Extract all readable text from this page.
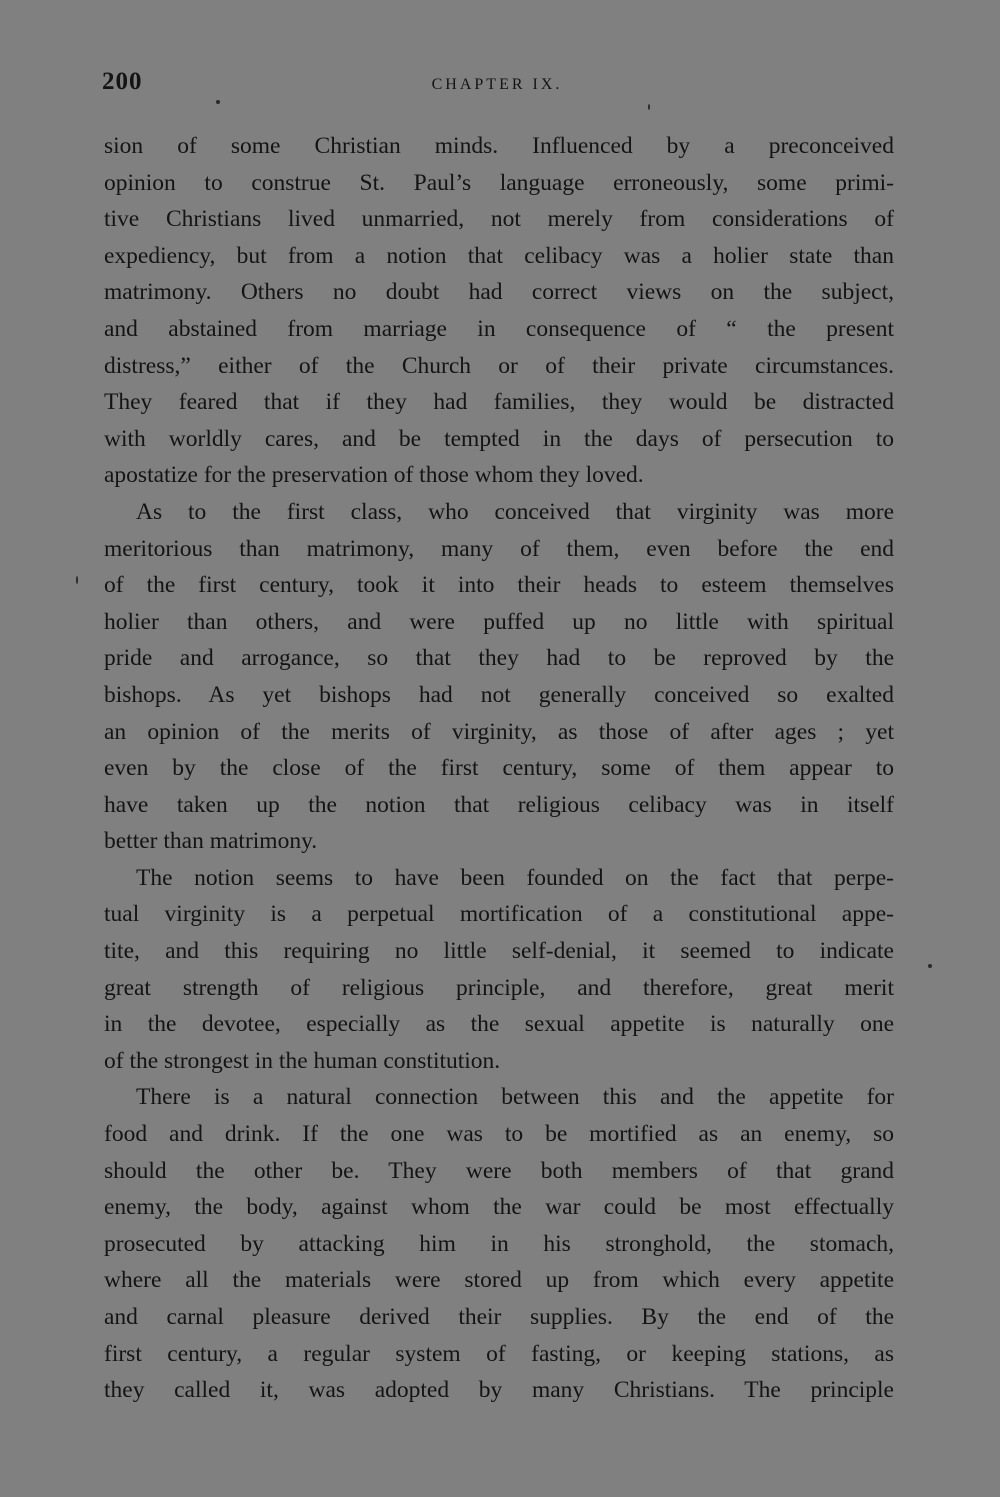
200	CHAPTER IX.
sion of some Christian minds. Influenced by a preconceived
opinion to construe St. Paul’s language erroneously, some primi-
tive Christians lived unmarried, not merely from considerations of
expediency, but from a notion that celibacy was a holier state than
matrimony. Others no doubt had correct views on the subject,
and abstained from marriage in consequence of “ the present
distress,” either of the Church or of their private circumstances.
They feared that if they had families, they would be distracted
with worldly cares, and be tempted in the days of persecution to
apostatize for the preservation of those whom they loved.
As to the first class, who conceived that virginity was more
meritorious than matrimony, many of them, even before the end
of the first century, took it into their heads to esteem themselves
holier than others, and were puffed up no little with spiritual
pride and arrogance, so that they had to be reproved by the
bishops. As yet bishops had not generally conceived so exalted
an opinion of the merits of virginity, as those of after ages ; yet
even by the close of the first century, some of them appear to
have taken up the notion that religious celibacy was in itself
better than matrimony.
The notion seems to have been founded on the fact that perpe-
tual virginity is a perpetual mortification of a constitutional appe-
tite, and this requiring no little self-denial, it seemed to indicate
great strength of religious principle, and therefore, great merit
in the devotee, especially as the sexual appetite is naturally one
of the strongest in the human constitution.
There is a natural connection between this and the appetite for
food and drink. If the one was to be mortified as an enemy, so
should the other be. They were both members of that grand
enemy, the body, against whom the war could be most effectually
prosecuted by attacking him in his stronghold, the stomach,
where all the materials were stored up from which every appetite
and carnal pleasure derived their supplies. By the end of the
first century, a regular system of fasting, or keeping stations, as
they called it, was adopted by many Christians. The principle
